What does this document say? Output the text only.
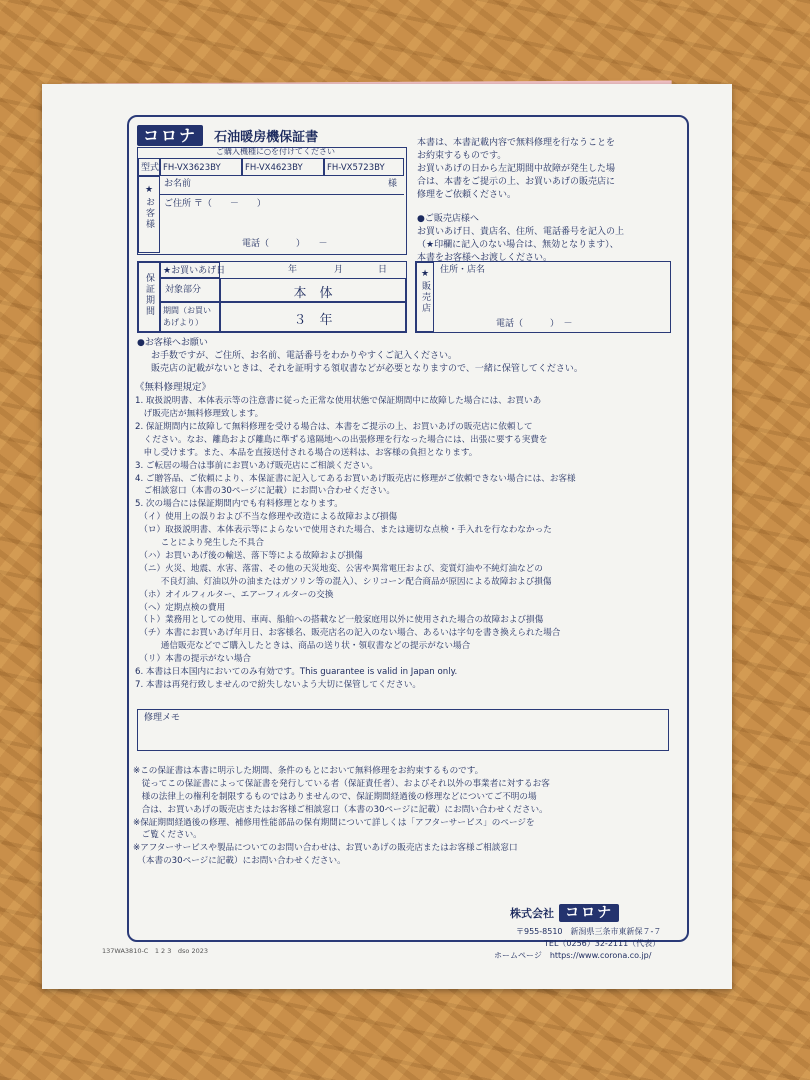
コロナ 石油暖房機保証書
ご購入機種に○を付けてください
型式 FH-VX3623BY	FH-VX4623BY	FH-VX5723BY
★お客様
お名前	様
ご住所 〒（　　－　　）
電話（　　　）　　－
本書は、本書記載内容で無料修理を行なうことを
お約束するものです。
お買いあげの日から左記期間中故障が発生した場
合は、本書をご提示の上、お買いあげの販売店に
修理をご依頼ください。
●ご販売店様へ
お買いあげ日、貴店名、住所、電話番号を記入の上
（★印欄に記入のない場合は、無効となります）、
本書をお客様へお渡しください。
保証期間
★お買いあげ日	年	月	日
対象部分	本　体
期間（お買いあげより）	３　年
★販売店 住所・店名
電話（　　　）　－
●お客様へお願い
お手数ですが、ご住所、お名前、電話番号をわかりやすくご記入ください。
販売店の記載がないときは、それを証明する領収書などが必要となりますので、一緒に保管してください。
《無料修理規定》
1. 取扱説明書、本体表示等の注意書に従った正常な使用状態で保証期間中に故障した場合には、お買いあ
　げ販売店が無料修理致します。
2. 保証期間内に故障して無料修理を受ける場合は、本書をご提示の上、お買いあげの販売店に依頼して
　ください。なお、離島および離島に準ずる遠隔地への出張修理を行なった場合には、出張に要する実費を
　申し受けます。また、本品を直接送付される場合の送料は、お客様の負担となります。
3. ご転居の場合は事前にお買いあげ販売店にご相談ください。
4. ご贈答品、ご依頼により、本保証書に記入してあるお買いあげ販売店に修理がご依頼できない場合には、お客様
　ご相談窓口（本書の30ページに記載）にお問い合わせください。
5. 次の場合には保証期間内でも有料修理となります。
　（イ）使用上の誤りおよび不当な修理や改造による故障および損傷
　（ロ）取扱説明書、本体表示等によらないで使用された場合、または適切な点検・手入れを行なわなかった
　　　ことにより発生した不具合
　（ハ）お買いあげ後の輸送、落下等による故障および損傷
　（ニ）火災、地震、水害、落雷、その他の天災地変、公害や異常電圧および、変質灯油や不純灯油などの
　　　不良灯油、灯油以外の油またはガソリン等の混入）、シリコーン配合商品が原因による故障および損傷
　（ホ）オイルフィルター、エアーフィルターの交換
　（ヘ）定期点検の費用
　（ト）業務用としての使用、車両、船舶への搭載など一般家庭用以外に使用された場合の故障および損傷
　（チ）本書にお買いあげ年月日、お客様名、販売店名の記入のない場合、あるいは字句を書き換えられた場合
　　　通信販売などでご購入したときは、商品の送り状・領収書などの提示がない場合
　（リ）本書の提示がない場合
6. 本書は日本国内においてのみ有効です。This guarantee is valid in Japan only.
7. 本書は再発行致しませんので紛失しないよう大切に保管してください。
修理メモ
※この保証書は本書に明示した期間、条件のもとにおいて無料修理をお約束するものです。
　従ってこの保証書によって保証書を発行している者（保証責任者）、およびそれ以外の事業者に対するお客
　様の法律上の権利を制限するものではありませんので、保証期間経過後の修理などについてご不明の場
　合は、お買いあげの販売店またはお客様ご相談窓口（本書の30ページに記載）にお問い合わせください。
※保証期間経過後の修理、補修用性能部品の保有期間について詳しくは「アフターサービス」のページを
　ご覧ください。
※アフターサービスや製品についてのお問い合わせは、お買いあげの販売店またはお客様ご相談窓口
　（本書の30ページに記載）にお問い合わせください。
株式会社 コロナ
〒955-8510　新潟県三条市東新保７-７
TEL（0256）32-2111（代表）
ホームページ　https://www.corona.co.jp/
137WA3810-C　1 2 3　dso 2023
